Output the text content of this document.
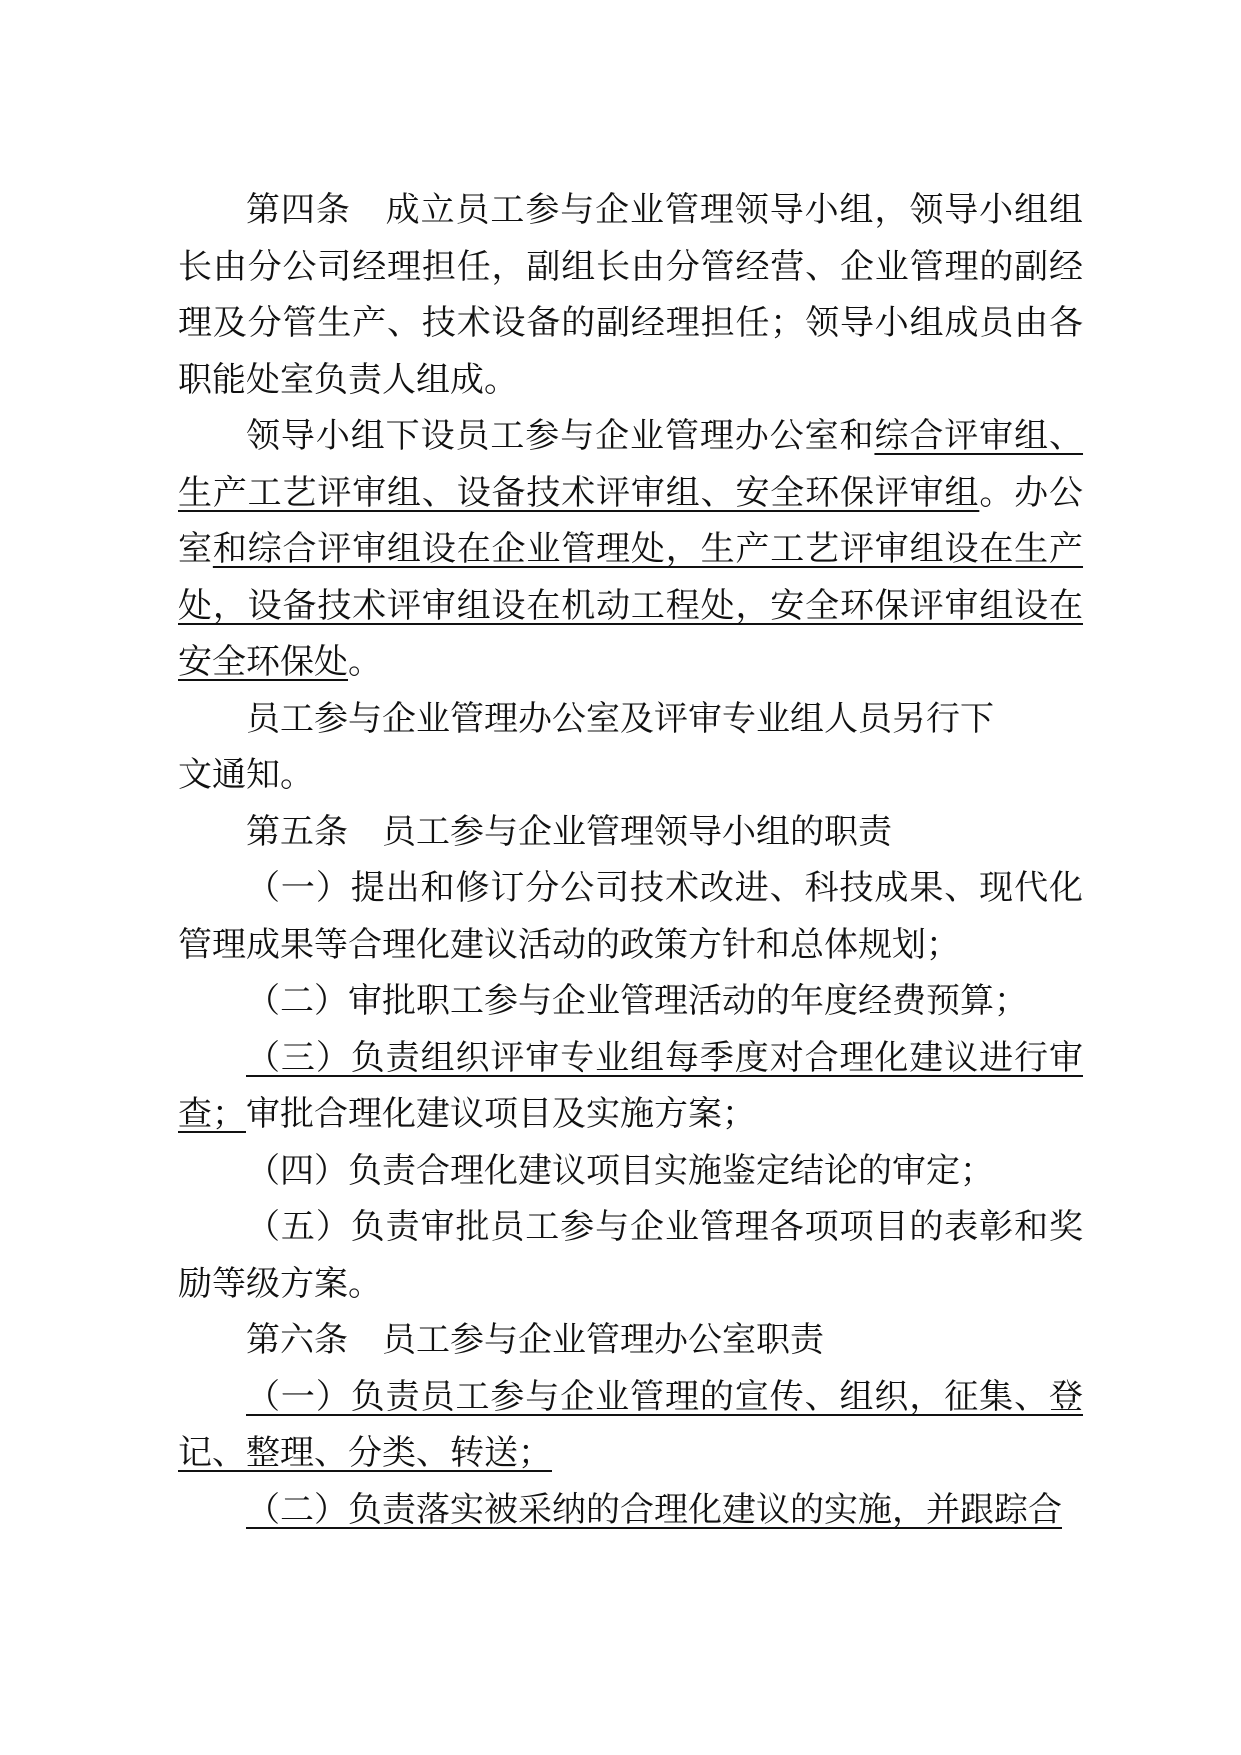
第四条 成立员工参与企业管理领导小组，领导小组组长由分公司经理担任，副组长由分管经营、企业管理的副经理及分管生产、技术设备的副经理担任；领导小组成员由各职能处室负责人组成。

领导小组下设员工参与企业管理办公室和综合评审组、生产工艺评审组、设备技术评审组、安全环保评审组。办公室和综合评审组设在企业管理处，生产工艺评审组设在生产处，设备技术评审组设在机动工程处，安全环保评审组设在安全环保处。

员工参与企业管理办公室及评审专业组人员另行下

文通知。

第五条 员工参与企业管理领导小组的职责

（一）提出和修订分公司技术改进、科技成果、现代化管理成果等合理化建议活动的政策方针和总体规划；

（二）审批职工参与企业管理活动的年度经费预算；

（三）负责组织评审专业组每季度对合理化建议进行审查；审批合理化建议项目及实施方案；

（四）负责合理化建议项目实施鉴定结论的审定；

（五）负责审批员工参与企业管理各项项目的表彰和奖励等级方案。

第六条 员工参与企业管理办公室职责

（一）负责员工参与企业管理的宣传、组织，征集、登记、整理、分类、转送；

（二）负责落实被采纳的合理化建议的实施，并跟踪合
